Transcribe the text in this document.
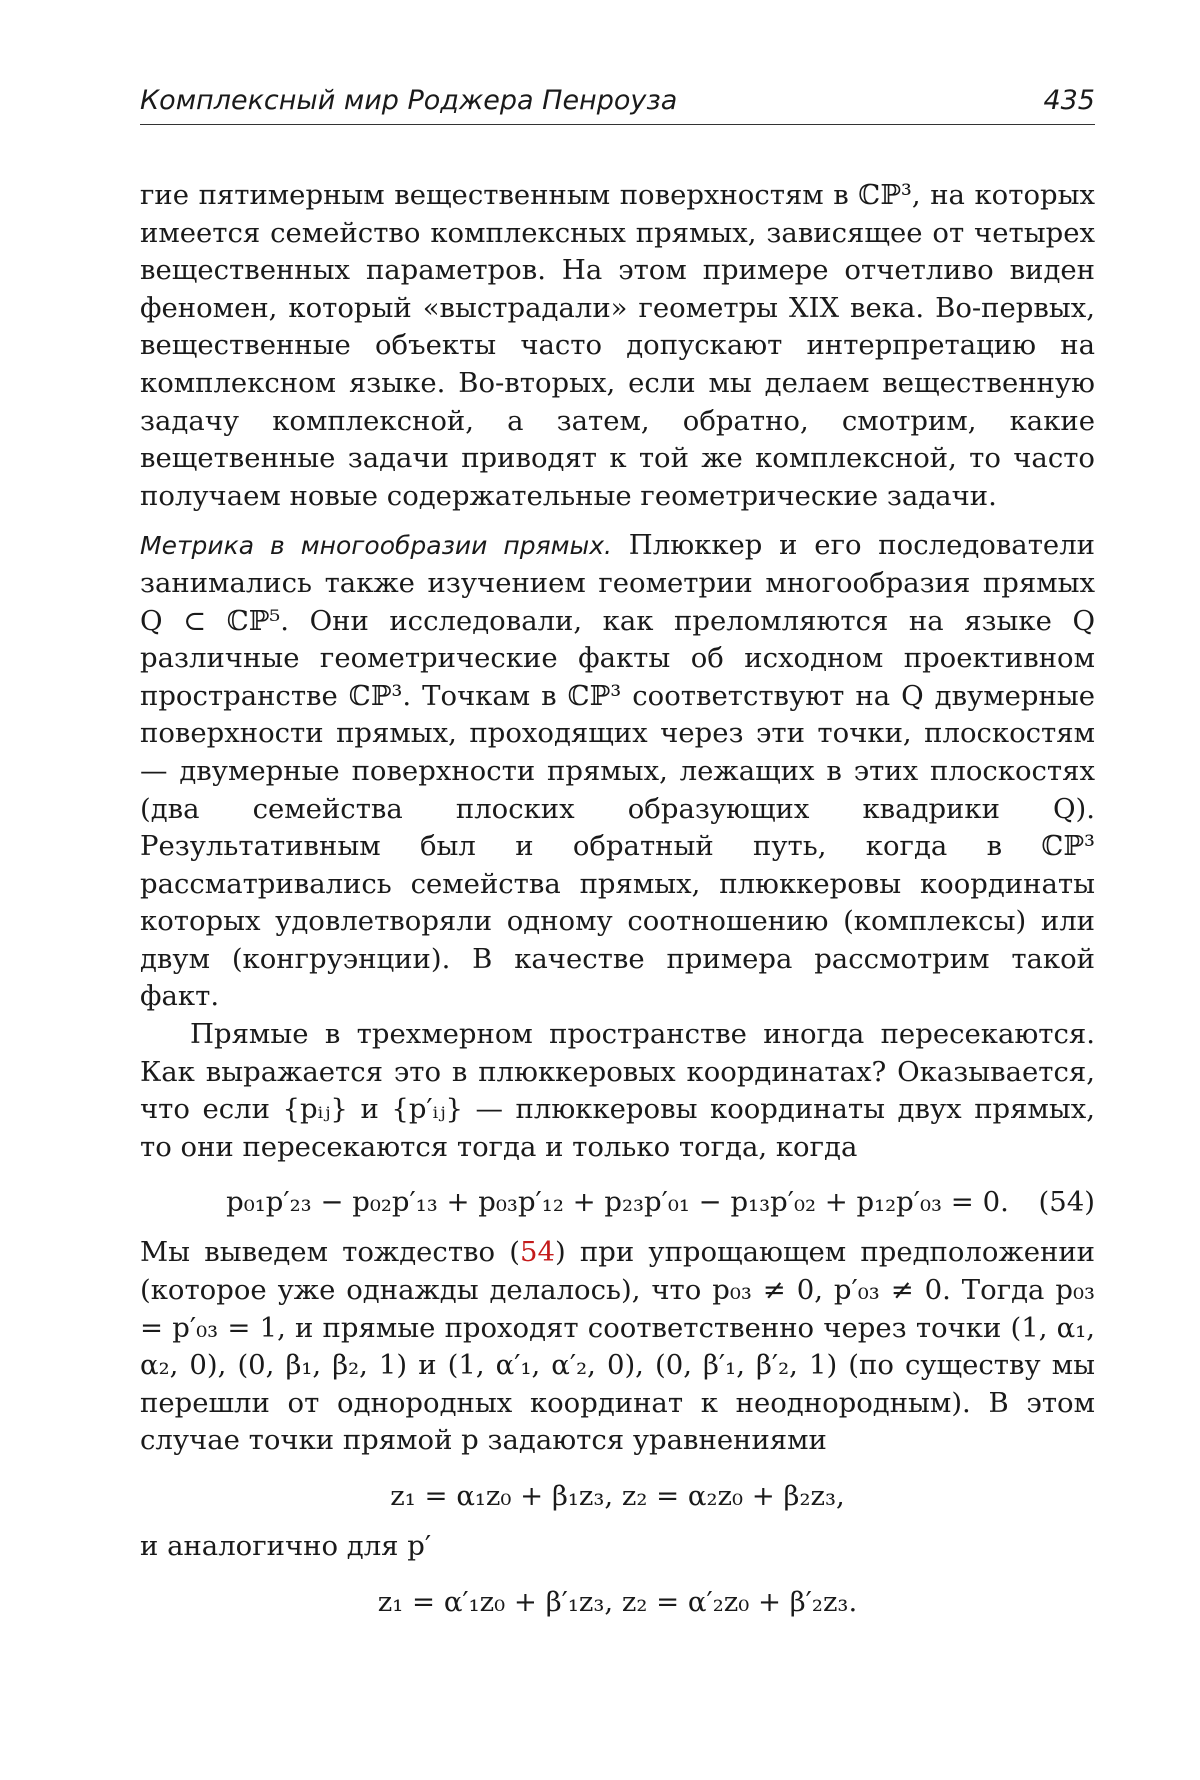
Комплексный мир Роджера Пенроуза	435

гие пятимерным вещественным поверхностям в ℂℙ³, на которых имеется семейство комплексных прямых, зависящее от четырех вещественных параметров. На этом примере отчетливо виден феномен, который «выстрадали» геометры XIX века. Во-первых, вещественные объекты часто допускают интерпретацию на комплексном языке. Во-вторых, если мы делаем вещественную задачу комплексной, а затем, обратно, смотрим, какие вещетвенные задачи приводят к той же комплексной, то часто получаем новые содержательные геометрические задачи.

Метрика в многообразии прямых. Плюккер и его последователи занимались также изучением геометрии многообразия прямых Q ⊂ ℂℙ⁵. Они исследовали, как преломляются на языке Q различные геометрические факты об исходном проективном пространстве ℂℙ³. Точкам в ℂℙ³ соответствуют на Q двумерные поверхности прямых, проходящих через эти точки, плоскостям — двумерные поверхности прямых, лежащих в этих плоскостях (два семейства плоских образующих квадрики Q). Результативным был и обратный путь, когда в ℂℙ³ рассматривались семейства прямых, плюккеровы координаты которых удовлетворяли одному соотношению (комплексы) или двум (конгруэнции). В качестве примера рассмотрим такой факт.

Прямые в трехмерном пространстве иногда пересекаются. Как выражается это в плюккеровых координатах? Оказывается, что если {pᵢⱼ} и {p′ᵢⱼ} — плюккеровы координаты двух прямых, то они пересекаются тогда и только тогда, когда

p₀₁p′₂₃ − p₀₂p′₁₃ + p₀₃p′₁₂ + p₂₃p′₀₁ − p₁₃p′₀₂ + p₁₂p′₀₃ = 0. (54)

Мы выведем тождество (54) при упрощающем предположении (которое уже однажды делалось), что p₀₃ ≠ 0, p′₀₃ ≠ 0. Тогда p₀₃ = p′₀₃ = 1, и прямые проходят соответственно через точки (1, α₁, α₂, 0), (0, β₁, β₂, 1) и (1, α′₁, α′₂, 0), (0, β′₁, β′₂, 1) (по существу мы перешли от однородных координат к неоднородным). В этом случае точки прямой p задаются уравнениями

z₁ = α₁z₀ + β₁z₃, z₂ = α₂z₀ + β₂z₃,

и аналогично для p′

z₁ = α′₁z₀ + β′₁z₃, z₂ = α′₂z₀ + β′₂z₃.
